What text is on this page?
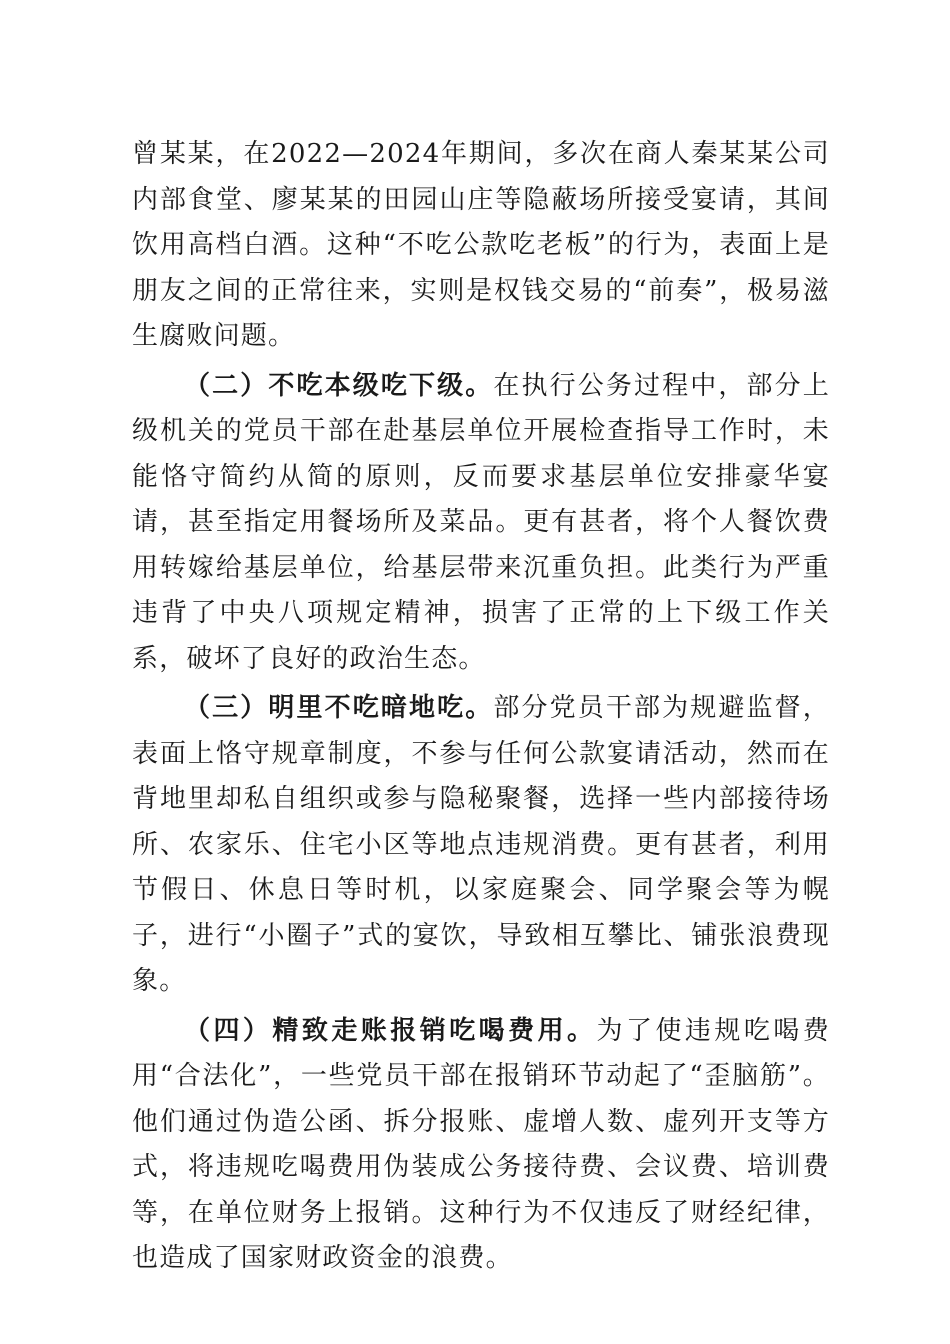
曾某某，在2022—2024年期间，多次在商人秦某某公司内部食堂、廖某某的田园山庄等隐蔽场所接受宴请，其间饮用高档白酒。这种“不吃公款吃老板”的行为，表面上是朋友之间的正常往来，实则是权钱交易的“前奏”，极易滋生腐败问题。

（二）不吃本级吃下级。在执行公务过程中，部分上级机关的党员干部在赴基层单位开展检查指导工作时，未能恪守简约从简的原则，反而要求基层单位安排豪华宴请，甚至指定用餐场所及菜品。更有甚者，将个人餐饮费用转嫁给基层单位，给基层带来沉重负担。此类行为严重违背了中央八项规定精神，损害了正常的上下级工作关系，破坏了良好的政治生态。

（三）明里不吃暗地吃。部分党员干部为规避监督，表面上恪守规章制度，不参与任何公款宴请活动，然而在背地里却私自组织或参与隐秘聚餐，选择一些内部接待场所、农家乐、住宅小区等地点违规消费。更有甚者，利用节假日、休息日等时机，以家庭聚会、同学聚会等为幌子，进行“小圈子”式的宴饮，导致相互攀比、铺张浪费现象。

（四）精致走账报销吃喝费用。为了使违规吃喝费用“合法化”，一些党员干部在报销环节动起了“歪脑筋”。他们通过伪造公函、拆分报账、虚增人数、虚列开支等方式，将违规吃喝费用伪装成公务接待费、会议费、培训费等，在单位财务上报销。这种行为不仅违反了财经纪律，也造成了国家财政资金的浪费。
